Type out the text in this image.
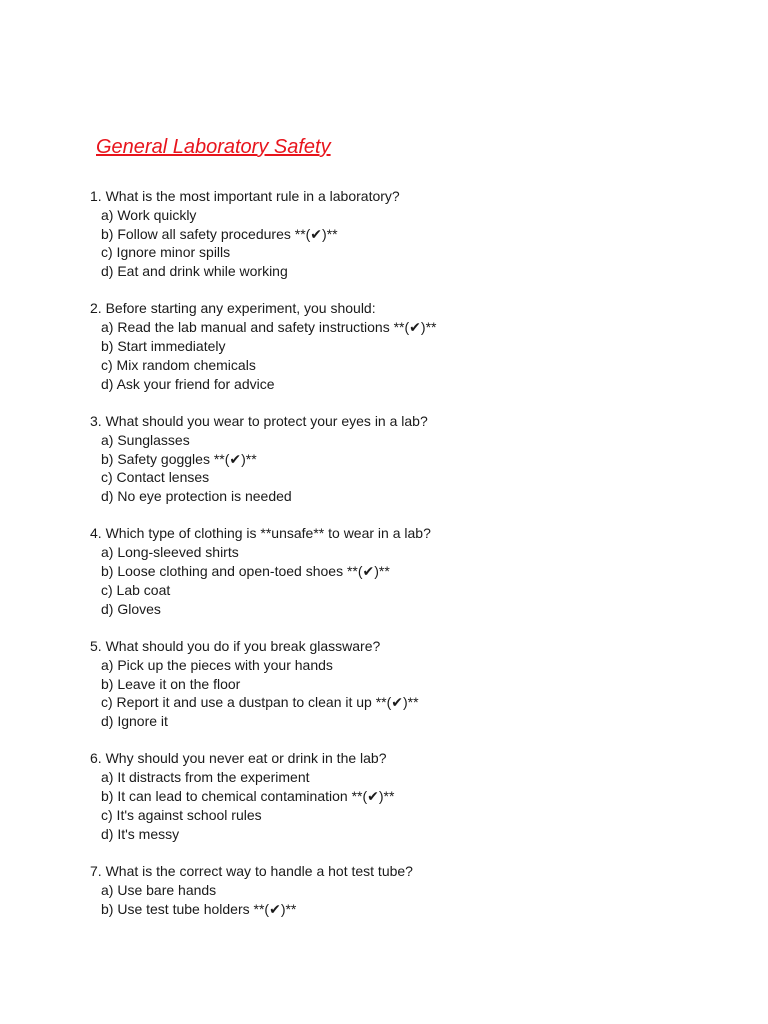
General Laboratory Safety
1. What is the most important rule in a laboratory?
a) Work quickly
b) Follow all safety procedures **(✔)**
c) Ignore minor spills
d) Eat and drink while working
2. Before starting any experiment, you should:
a) Read the lab manual and safety instructions **(✔)**
b) Start immediately
c) Mix random chemicals
d) Ask your friend for advice
3. What should you wear to protect your eyes in a lab?
a) Sunglasses
b) Safety goggles **(✔)**
c) Contact lenses
d) No eye protection is needed
4. Which type of clothing is **unsafe** to wear in a lab?
a) Long-sleeved shirts
b) Loose clothing and open-toed shoes **(✔)**
c) Lab coat
d) Gloves
5. What should you do if you break glassware?
a) Pick up the pieces with your hands
b) Leave it on the floor
c) Report it and use a dustpan to clean it up **(✔)**
d) Ignore it
6. Why should you never eat or drink in the lab?
a) It distracts from the experiment
b) It can lead to chemical contamination **(✔)**
c) It's against school rules
d) It's messy
7. What is the correct way to handle a hot test tube?
a) Use bare hands
b) Use test tube holders **(✔)**
